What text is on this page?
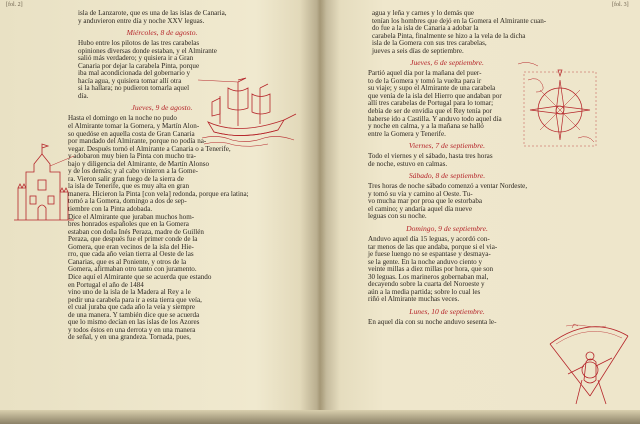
[fol. 2]	[fol. 3]
isla de Lanzarote, que es una de las islas de Canaria,
y anduvieron entre día y noche XXV leguas.
Miércoles, 8 de agosto.
Hubo entre los pilotos de las tres carabelas
opiniones diversas donde estaban, y el Almirante
salió más verdadero; y quisiera ir a Gran
Canaria por dejar la carabela Pinta, porque
iba mal acondicionada del gobernario y
hacía agua, y quisiera tomar allí otra
si la hallara; no pudieron tomarla aquel
día.
Jueves, 9 de agosto.
Hasta el domingo en la noche no pudo
el Almirante tomar la Gomera, y Martín Alon-
so quedóse en aquella costa de Gran Canaria
por mandado del Almirante, porque no podía na-
vegar. Después tornó el Almirante a Canaria o a Tenerife,
y adobaron muy bien la Pinta con mucho tra-
bajo y diligencia del Almirante, de Martín Alonso
y de los demás; y al cabo vinieron a la Gome-
ra. Vieron salir gran fuego de la sierra de
la isla de Tenerife, que es muy alta en gran
manera. Hicieron la Pinta [con vela] redonda, porque era latina;
tornó a la Gomera, domingo a dos de sep-
tiembre con la Pinta adobada.
Dice el Almirante que juraban muchos hom-
bres honrados españoles que en la Gomera
estaban con doña Inés Peraza, madre de Guillén
Peraza, que después fue el primer conde de la
Gomera, que eran vecinos de la isla del Hie-
rro, que cada año veían tierra al Oeste de las
Canarias, que es al Poniente, y otros de la
Gomera, afirmaban otro tanto con juramento.
Dice aquí el Almirante que se acuerda que estando
en Portugal el año de 1484
vino uno de la isla de la Madera al Rey a le
pedir una carabela para ir a esta tierra que veía,
el cual juraba que cada año la veía y siempre
de una manera. Y también dice que se acuerda
que lo mismo decían en las islas de los Azores
y todos éstos en una derrota y en una manera
de señal, y en una grandeza. Tornada, pues,
agua y leña y carnes y lo demás que
tenían los hombres que dejó en la Gomera el Almirante cuan-
do fue a la isla de Canaria a adobar la
carabela Pinta, finalmente se hizo a la vela de la dicha
isla de la Gomera con sus tres carabelas,
jueves a seis días de septiembre.
Jueves, 6 de septiembre.
Partió aquel día por la mañana del puer-
to de la Gomera y tomó la vuelta para ir
su viaje; y supo el Almirante de una carabela
que venía de la isla del Hierro que andaban por
allí tres carabelas de Portugal para lo tomar;
debía de ser de envidia que el Rey tenía por
haberse ido a Castilla. Y anduvo todo aquel día
y noche en calma, y a la mañana se halló
entre la Gomera y Tenerife.
Viernes, 7 de septiembre.
Todo el viernes y el sábado, hasta tres horas
de noche, estuvo en calmas.
Sábado, 8 de septiembre.
Tres horas de noche sábado comenzó a ventar Nordeste,
y tomó su vía y camino al Oeste. Tu-
vo mucha mar por proa que le estorbaba
el camino; y andaría aquel día nueve
leguas con su noche.
Domingo, 9 de septiembre.
Anduvo aquel día 15 leguas, y acordó con-
tar menos de las que andaba, porque si el via-
je fuese luengo no se espantase y desmaya-
se la gente. En la noche anduvo ciento y
veinte millas a diez millas por hora, que son
30 leguas. Los marineros gobernaban mal,
decayendo sobre la cuarta del Noroeste y
aún a la media partida; sobre lo cual les
riñó el Almirante muchas veces.
Lunes, 10 de septiembre.
En aquel día con su noche anduvo sesenta le-
